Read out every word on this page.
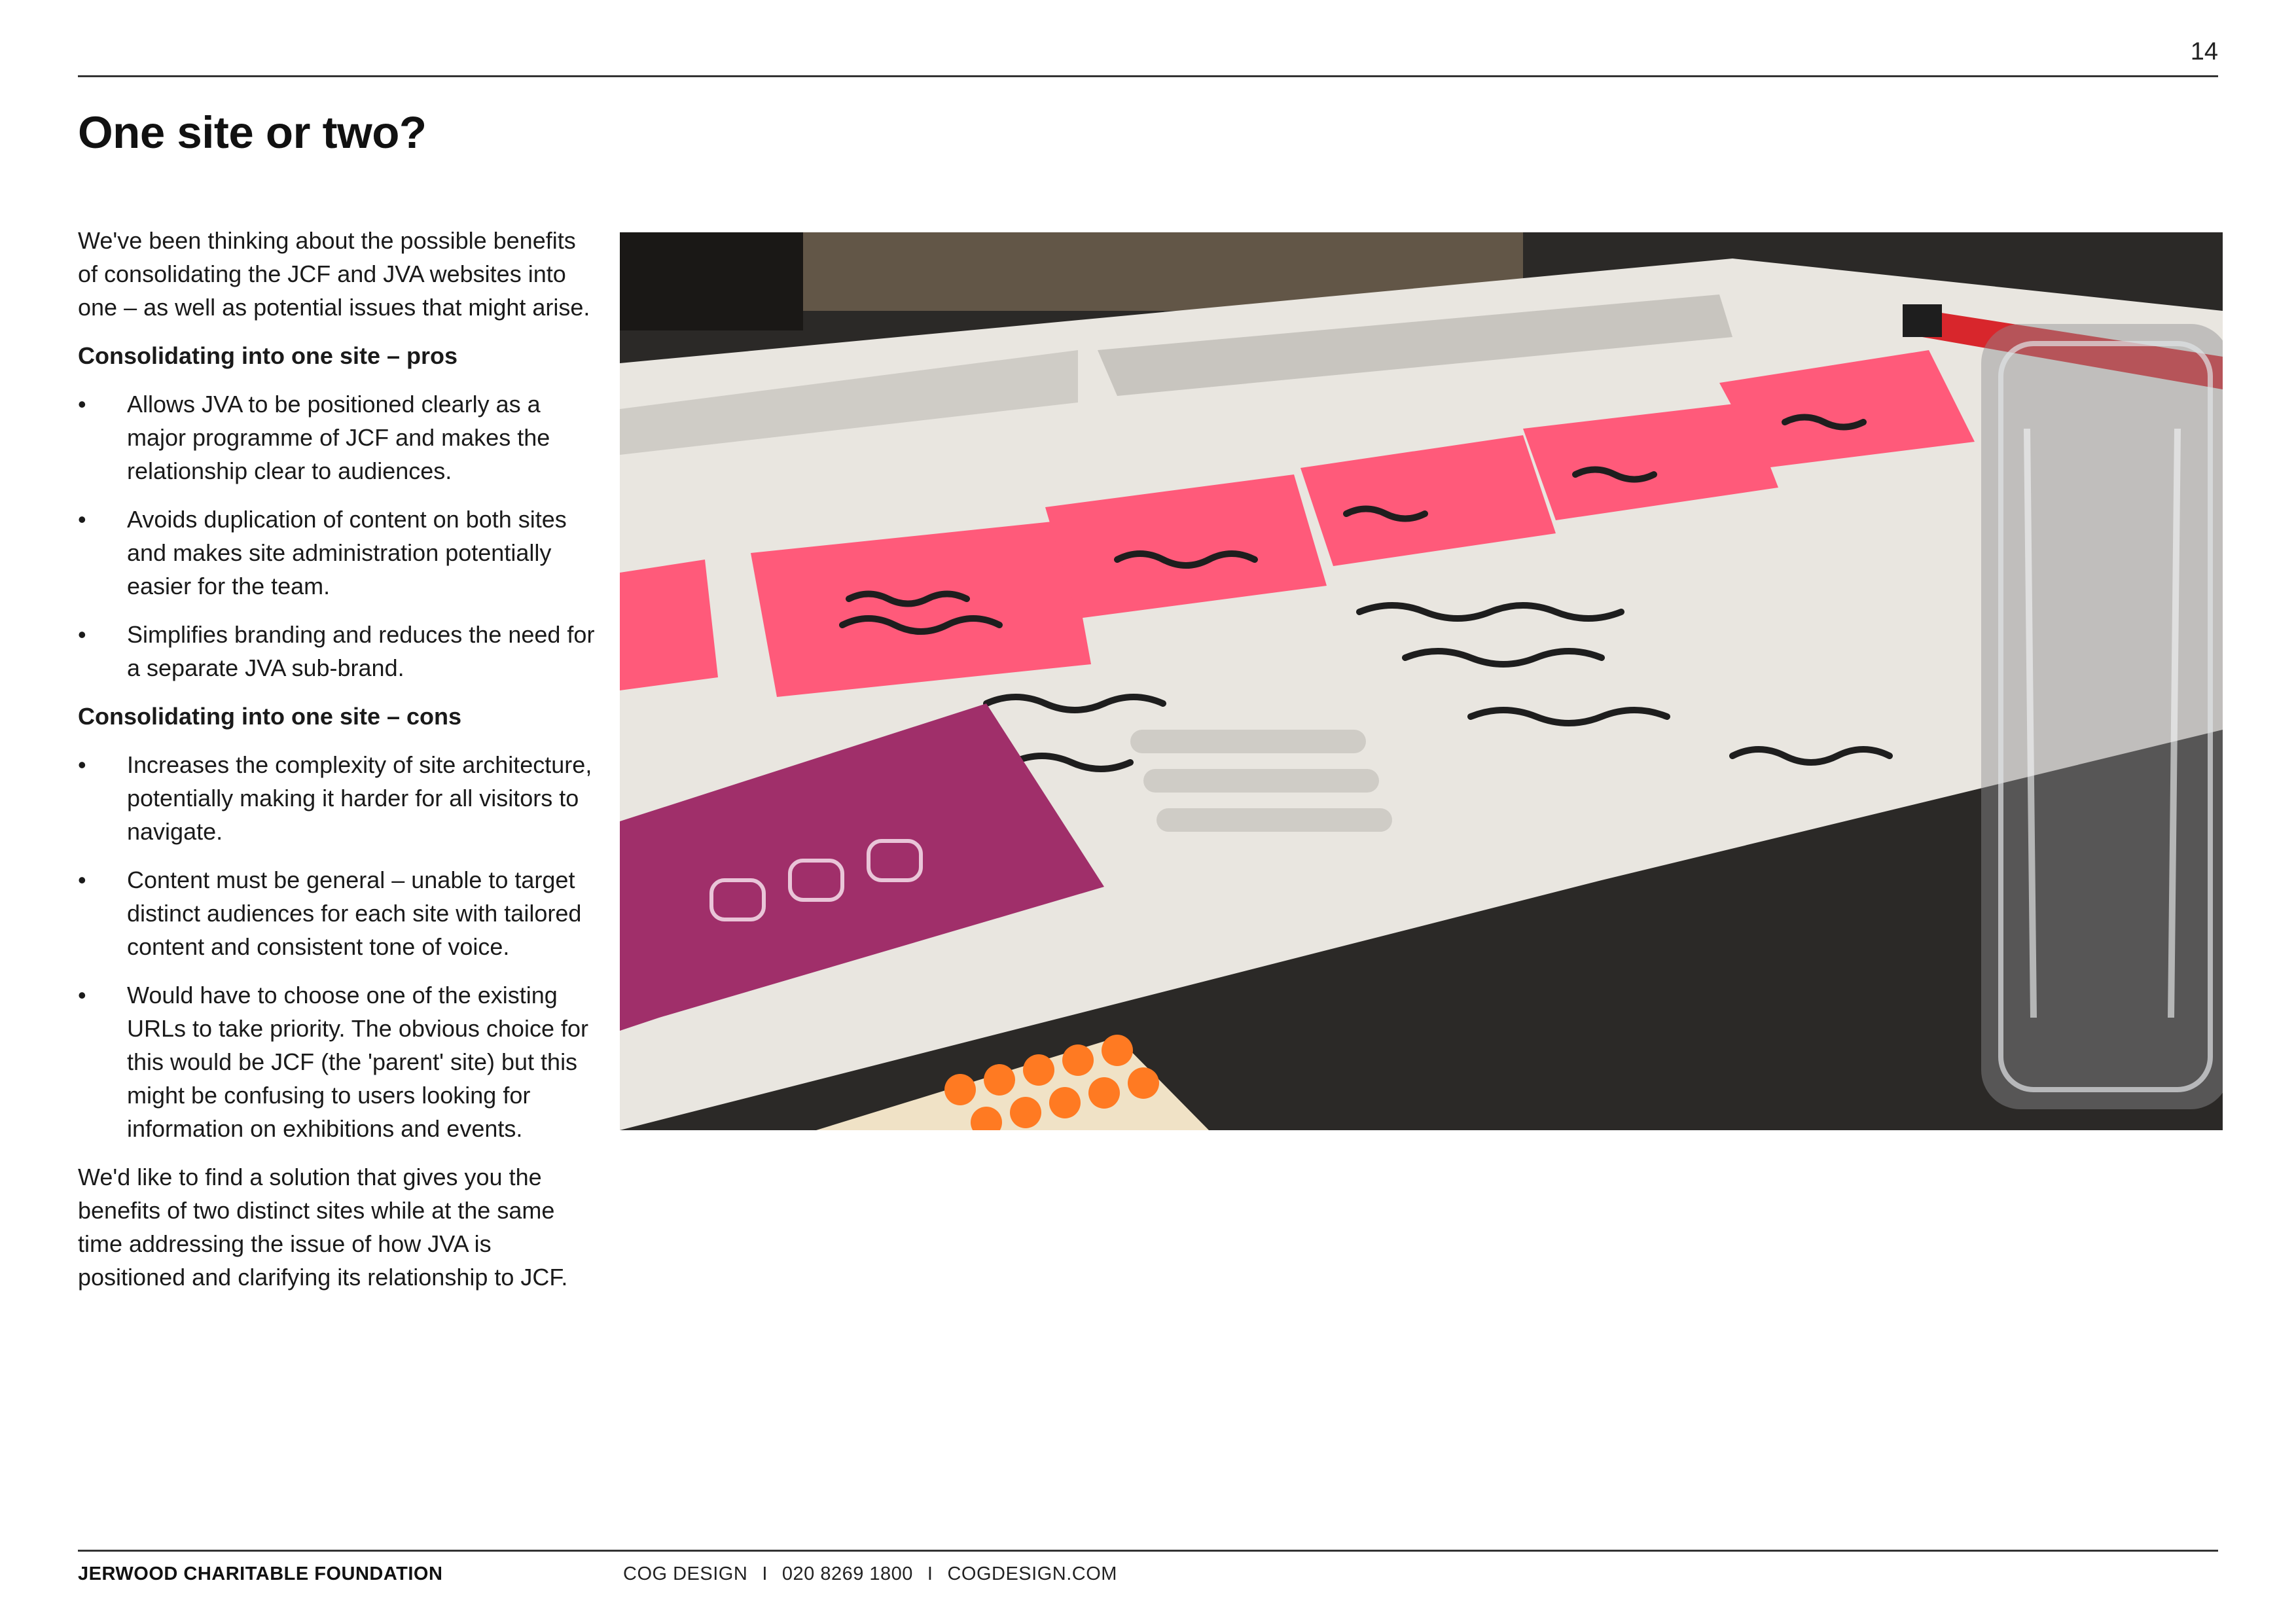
14
One site or two?

We've been thinking about the possible benefits of consolidating the JCF and JVA websites into one – as well as potential issues that might arise.

Consolidating into one site – pros
• Allows JVA to be positioned clearly as a major programme of JCF and makes the relationship clear to audiences.
• Avoids duplication of content on both sites and makes site administration potentially easier for the team.
• Simplifies branding and reduces the need for a separate JVA sub-brand.
Consolidating into one site – cons
• Increases the complexity of site architecture, potentially making it harder for all visitors to navigate.
• Content must be general – unable to target distinct audiences for each site with tailored content and consistent tone of voice.
• Would have to choose one of the existing URLs to take priority. The obvious choice for this would be JCF (the 'parent' site) but this might be confusing to users looking for information on exhibitions and events.

We'd like to find a solution that gives you the benefits of two distinct sites while at the same time addressing the issue of how JVA is positioned and clarifying its relationship to JCF.

JERWOOD CHARITABLE FOUNDATION	COG DESIGN I 020 8269 1800 I COGDESIGN.COM
